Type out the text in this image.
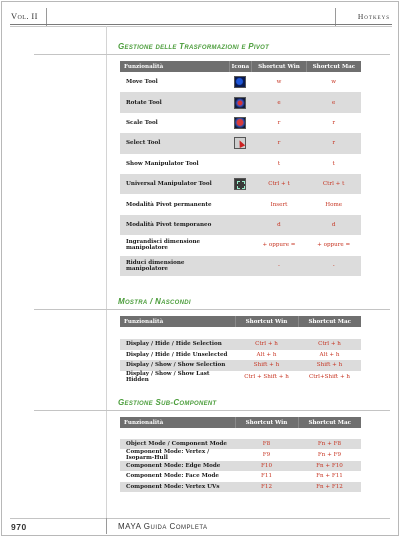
Vol. II	Hotkeys
Gestione delle Trasformazioni e Pivot
Funzionalità	Icona	Shortcut Win	Shortcut Mac
Move Tool		w	w
Rotate Tool		e	e
Scale Tool		r	r
Select Tool		r	r
Show Manipulator Tool		t	t
Universal Manipulator Tool		Ctrl + t	Ctrl + t
Modalità Pivot permanente		Insert	Home
Modalità Pivot temporaneo		d	d
Ingrandisci dimensione manipolatore		+ oppure =	+ oppure =
Riduci dimensione manipolatore		-	-
Mostra / Nascondi
Funzionalità	Shortcut Win	Shortcut Mac

Display / Hide / Hide Selection	Ctrl + h	Ctrl + h
Display / Hide / Hide Unselected	Alt + h	Alt + h
Display / Show / Show Selection	Shift + h	Shift + h
Display / Show / Show Last Hidden	Ctrl + Shift + h	Ctrl+Shift + h
Gestione Sub-Component
Funzionalità	Shortcut Win	Shortcut Mac

Object Mode / Component Mode	F8	Fn + F8
Component Mode: Vertex / Isoparm-Hull	F9	Fn + F9
Component Mode: Edge Mode	F10	Fn + F10
Component Mode: Face Mode	F11	Fn + F11
Component Mode: Vertex UVs	F12	Fn + F12
970	MAYA Guida Completa
